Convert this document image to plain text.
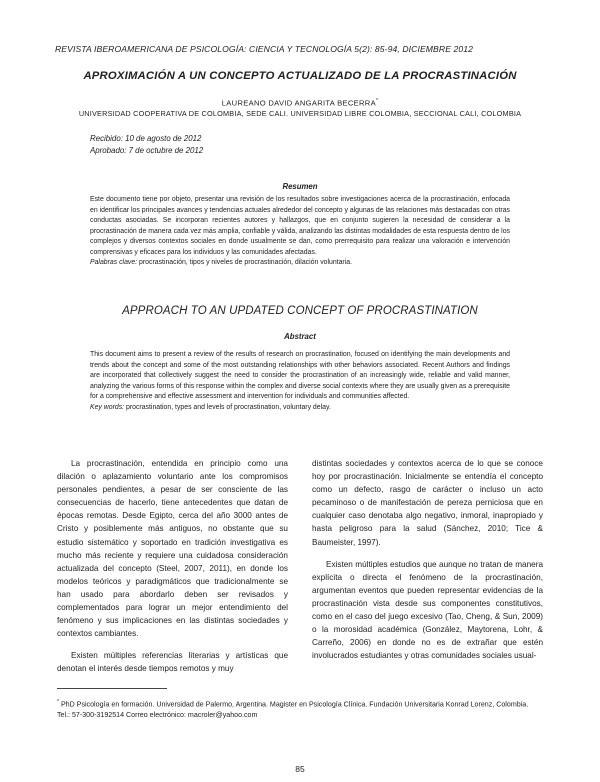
REVISTA IBEROAMERICANA DE PSICOLOGÍA: CIENCIA Y TECNOLOGÍA 5(2): 85-94, DICIEMBRE 2012
APROXIMACIÓN A UN CONCEPTO ACTUALIZADO DE LA PROCRASTINACIÓN
LAUREANO DAVID ANGARITA BECERRA*
UNIVERSIDAD COOPERATIVA DE COLOMBIA, SEDE CALI. UNIVERSIDAD LIBRE COLOMBIA, SECCIONAL CALI, COLOMBIA
Recibido: 10 de agosto de 2012
Aprobado: 7 de octubre de 2012
Resumen
Este documento tiene por objeto, presentar una revisión de los resultados sobre investigaciones acerca de la procrastinación, enfocada en identificar los principales avances y tendencias actuales alrededor del concepto y algunas de las relaciones más destacadas con otras conductas asociadas. Se incorporan recientes autores y hallazgos, que en conjunto sugieren la necesidad de considerar a la procrastinación de manera cada vez más amplia, confiable y válida, analizando las distintas modalidades de esta respuesta dentro de los complejos y diversos contextos sociales en donde usualmente se dan, como prerrequisito para realizar una valoración e intervención comprensivas y eficaces para los individuos y las comunidades afectadas.
Palabras clave: procrastinación, tipos y niveles de procrastinación, dilación voluntaria.
APPROACH TO AN UPDATED CONCEPT OF PROCRASTINATION
Abstract
This document aims to present a review of the results of research on procrastination, focused on identifying the main developments and trends about the concept and some of the most outstanding relationships with other behaviors associated. Recent Authors and findings are incorporated that collectively suggest the need to consider the procrastination of an increasingly wide, reliable and valid manner, analyzing the various forms of this response within the complex and diverse social contexts where they are usually given as a prerequisite for a comprehensive and effective assessment and intervention for individuals and communities affected.
Key words: procrastination, types and levels of procrastination, voluntary delay.

La procrastinación, entendida en principio como una dilación o aplazamiento voluntario ante los compromisos personales pendientes, a pesar de ser consciente de las consecuencias de hacerlo, tiene antecedentes que datan de épocas remotas. Desde Egipto, cerca del año 3000 antes de Cristo y posiblemente más antiguos, no obstante que su estudio sistemático y soportado en tradición investigativa es mucho más reciente y requiere una cuidadosa consideración actualizada del concepto (Steel, 2007, 2011), en donde los modelos teóricos y paradigmáticos que tradicionalmente se han usado para abordarlo deben ser revisados y complementados para lograr un mejor entendimiento del fenómeno y sus implicaciones en las distintas sociedades y contextos cambiantes.

Existen múltiples referencias literarias y artísticas que denotan el interés desde tiempos remotos y muy

distintas sociedades y contextos acerca de lo que se conoce hoy por procrastinación. Inicialmente se entendía el concepto como un defecto, rasgo de carácter o incluso un acto pecaminoso o de manifestación de pereza perniciosa que en cualquier caso denotaba algo negativo, inmoral, inapropiado y hasta peligroso para la salud (Sánchez, 2010; Tice & Baumeister, 1997).

Existen múltiples estudios que aunque no tratan de manera explícita o directa el fenómeno de la procrastinación, argumentan eventos que pueden representar evidencias de la procrastinación vista desde sus componentes constitutivos, como en el caso del juego excesivo (Tao, Cheng, & Sun, 2009) o la morosidad académica (González, Maytorena, Lohr, & Carreño, 2006) en donde no es de extrañar que estén involucrados estudiantes y otras comunidades sociales usual-

* PhD Psicología en formación. Universidad de Palermo, Argentina. Magister en Psicología Clínica. Fundación Universitaria Konrad Lorenz, Colombia. Tel.: 57-300-3192514 Correo electrónico: macroler@yahoo.com
85
